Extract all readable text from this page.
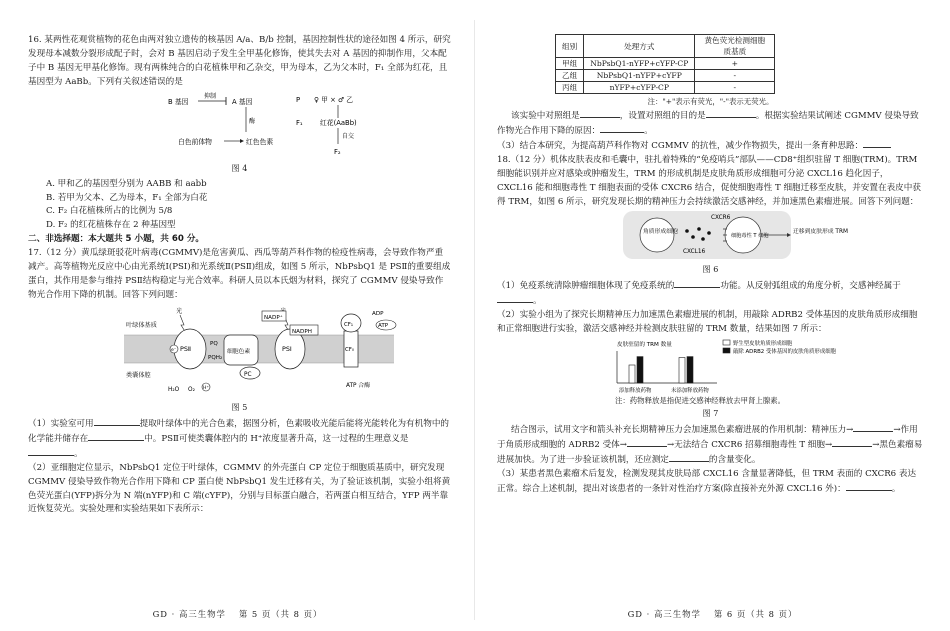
16. 某两性花观赏植物的花色由两对独立遗传的核基因 A/a、B/b 控制，基因控制性状的途径如图 4 所示，研究发现母本减数分裂形成配子时，会对 B 基因启动子发生全甲基化修饰，使其失去对 A 基因的抑制作用，父本配子中 B 基因无甲基化修饰。现有两株纯合的白花植株甲和乙杂交，甲为母本，乙为父本时，F₁ 全部为红花，且基因型为 AaBb。下列有关叙述错误的是

B 基因
抑制
A 基因
酶
白色前体物	红色色素
P ♀ 甲 × ♂ 乙
F₁	红花(AaBb)
自交
F₂

图 4

A. 甲和乙的基因型分别为 AABB 和 aabb

B. 若甲为父本、乙为母本，F₁ 全部为白花

C. F₂ 白花植株所占的比例为 5/8

D. F₂ 的红花植株存在 2 种基因型

二、非选择题：本大题共 5 小题，共 60 分。

17.（12 分）黄瓜绿斑驳花叶病毒(CGMMV)是危害黄瓜、西瓜等葫芦科作物的检疫性病毒，会导致作物严重减产。高等植物光反应中心由光系统Ⅰ(PSⅠ)和光系统Ⅱ(PSⅡ)组成，如图 5 所示，NbPsbQ1 是 PSⅡ的重要组成蛋白，其作用是参与维持 PSⅡ结构稳定与光合效率。科研人员以本氏烟为材料，探究了 CGMMV 侵染导致作物光合作用下降的机制。回答下列问题：

叶绿体基质
类囊体腔
光
PSⅡ
PQ
PQH₂
细胞色素	PSⅠ
PC
NADP⁺
NADPH
CF₀
CF₁
ADP
ATP
H₂O O₂ H⁺
e⁻
ATP 合酶

图 5

（1）实验室可用	提取叶绿体中的光合色素，据图分析，色素吸收光能后能将光能转化为有机物中的化学能并储存在	中。PSⅡ可使类囊体腔内的 H⁺浓度显著升高，这一过程的生理意义是。

（2）亚细胞定位显示，NbPsbQ1 定位于叶绿体，CGMMV 的外壳蛋白 CP 定位于细胞质基质中，研究发现 CGMMV 侵染导致作物光合作用下降和 CP 蛋白使 NbPsbQ1 发生迁移有关，为了验证该机制，实验小组将黄色荧光蛋白(YFP)拆分为 N 端(nYFP)和 C 端(cYFP)，分别与目标蛋白融合，若两蛋白相互结合，YFP 两半靠近恢复荧光。实验处理和实验结果如下表所示：

GD · 高三生物学　 第 5 页（共 8 页）
组别	处理方式	黄色荧光检测细胞质基质
甲组	NbPsbQ1-nYFP+cYFP-CP	+
乙组	NbPsbQ1-nYFP+cYFP	-
丙组	nYFP+cYFP-CP	-

注："+"表示有荧光，"-"表示无荧光。

该实验中对照组是	，设置对照组的目的是	。根据实验结果试阐述 CGMMV 侵染导致作物光合作用下降的原因：	。

（3）结合本研究，为提高葫芦科作物对 CGMMV 的抗性，减少作物损失，提出一条育种思路：

18.（12 分）机体皮肤表皮和毛囊中，驻扎着特殊的“免疫哨兵”部队——CD8⁺组织驻留 T 细胞(TRM)。TRM 细胞能识别并应对感染或肿瘤发生，TRM 的形成机制是皮肤角质形成细胞可分泌 CXCL16 趋化因子，CXCL16 能和细胞毒性 T 细胞表面的受体 CXCR6 结合，促使细胞毒性 T 细胞迁移至皮肤，并安置在表皮中获得 TRM，如图 6 所示，研究发现长期的精神压力会持续激活交感神经，并加速黑色素瘤进展。回答下列问题：

角质形成细胞
CXCL16
CXCR6
细胞毒性 T 细胞
迁移到皮肤形成 TRM

图 6

（1）免疫系统清除肿瘤细胞体现了免疫系统的	功能。从反射弧组成的角度分析，交感神经属于。

（2）实验小组为了探究长期精神压力加速黑色素瘤进展的机制，用敲除 ADRB2 受体基因的皮肤角质形成细胞和正常细胞进行实验，激活交感神经并检测皮肤驻留的 TRM 数量，结果如图 7 所示：

皮肤驻留的 TRM 数量
添加释放药物	未添加释放药物
野生型皮肤角质形成细胞
敲除 ADRB2 受体基因的皮肤角质形成细胞

注：药物释放是指促进交感神经释放去甲肾上腺素。

图 7

结合图示，试用文字和箭头补充长期精神压力会加速黑色素瘤进展的作用机制：精神压力→	→作用于角质形成细胞的 ADRB2 受体→	→无法结合 CXCR6 招募细胞毒性 T 细胞→	→黑色素瘤易进展加快。为了进一步验证该机制，还应测定	的含量变化。

（3）某患者黑色素瘤术后复发，检测发现其皮肤局部 CXCL16 含量显著降低，但 TRM 表面的 CXCR6 表达正常。综合上述机制，提出对该患者的一条针对性治疗方案(除直接补充外源 CXCL16 外)：	。

GD · 高三生物学　 第 6 页（共 8 页）
